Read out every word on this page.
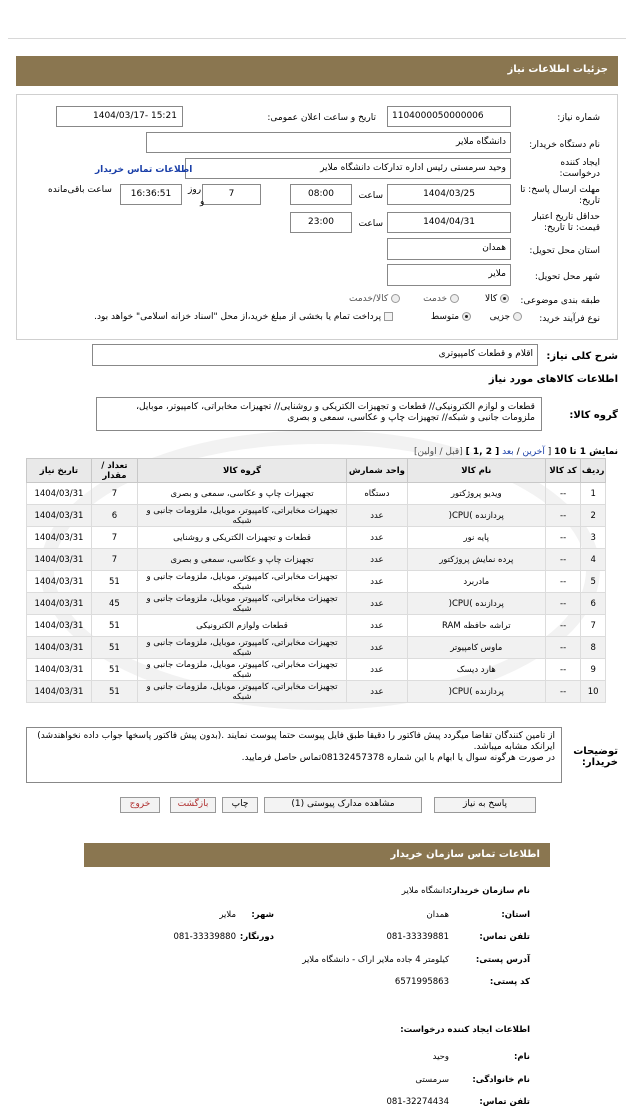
جزئیات اطلاعات نیاز
شماره نیاز:
1104000050000006
تاریخ و ساعت اعلان عمومی:
1404/03/17- 15:21
نام دستگاه خریدار:
دانشگاه ملایر
ایجاد کننده
درخواست:
وحید سرمستی رئیس اداره تدارکات دانشگاه ملایر
اطلاعات تماس خریدار
مهلت ارسال پاسخ: تا
تاریخ:
1404/03/25
ساعت
08:00
7
روز
و
16:36:51
ساعت باقی‌مانده
حداقل تاریخ اعتبار
قیمت: تا تاریخ:
1404/04/31
ساعت
23:00
استان محل تحویل:
همدان
شهر محل تحویل:
ملایر
طبقه بندی موضوعی:
کالا
خدمت
کالا/خدمت
نوع فرآیند خرید:
جزیی
متوسط
پرداخت تمام یا بخشی از مبلغ خرید،از محل "اسناد خزانه اسلامی" خواهد بود.
شرح کلی نیاز:
اقلام و قطعات کامپیوتری
اطلاعات کالاهای مورد نیاز
گروه کالا:
قطعات و لوازم الکترونیکی// قطعات و تجهیزات الکتریکی و روشنایی// تجهیزات مخابراتی، کامپیوتر، موبایل، ملزومات جانبی و شبکه// تجهیزات چاپ و عکاسی، سمعی و بصری
نمایش 1 تا 10 [ آخرین / بعد [ 2 ,1 ] [قبل / اولین]
ردیف	کد کالا	نام کالا	واحد شمارش	گروه کالا	تعداد / مقدار	تاریخ نیاز
1	--	ویدیو پروژکتور	دستگاه	تجهیزات چاپ و عکاسی، سمعی و بصری	7	1404/03/31
2	--	پردازنده )CPU(	عدد	تجهیزات مخابراتی، کامپیوتر، موبایل، ملزومات جانبی و شبکه	6	1404/03/31
3	--	پایه نور	عدد	قطعات و تجهیزات الکتریکی و روشنایی	7	1404/03/31
4	--	پرده نمایش پروژکتور	عدد	تجهیزات چاپ و عکاسی، سمعی و بصری	7	1404/03/31
5	--	مادربرد	عدد	تجهیزات مخابراتی، کامپیوتر، موبایل، ملزومات جانبی و شبکه	51	1404/03/31
6	--	پردازنده )CPU(	عدد	تجهیزات مخابراتی، کامپیوتر، موبایل، ملزومات جانبی و شبکه	45	1404/03/31
7	--	تراشه حافظه RAM	عدد	قطعات ولوازم الکترونیکی	51	1404/03/31
8	--	ماوس کامپیوتر	عدد	تجهیزات مخابراتی، کامپیوتر، موبایل، ملزومات جانبی و شبکه	51	1404/03/31
9	--	هارد دیسک	عدد	تجهیزات مخابراتی، کامپیوتر، موبایل، ملزومات جانبی و شبکه	51	1404/03/31
10	--	پردازنده )CPU(	عدد	تجهیزات مخابراتی، کامپیوتر، موبایل، ملزومات جانبی و شبکه	51	1404/03/31
توضیحات
خریدار:
از تامین کنندگان تقاضا میگردد پیش فاکتور را دقیقا طبق فایل پیوست حتما پیوست نمایند .(بدون پیش فاکتور پاسخها جواب داده نخواهندشد)
ایرانکد مشابه میباشد.
در صورت هرگونه سوال یا ابهام با این شماره 08132457378تماس حاصل فرمایید.
پاسخ به نیاز
مشاهده مدارک پیوستی (1)
چاپ
بازگشت
خروج
اطلاعات تماس سازمان خریدار
نام سازمان خریدار:
دانشگاه ملایر
استان:
همدان
شهر:
ملایر
تلفن تماس:
081-33339881
دورنگار:
081-33339880
آدرس پستی:
کیلومتر 4 جاده ملایر اراک - دانشگاه ملایر
کد پستی:
6571995863
اطلاعات ایجاد کننده درخواست:
نام:
وحید
نام خانوادگی:
سرمستی
تلفن تماس:
081-32274434
